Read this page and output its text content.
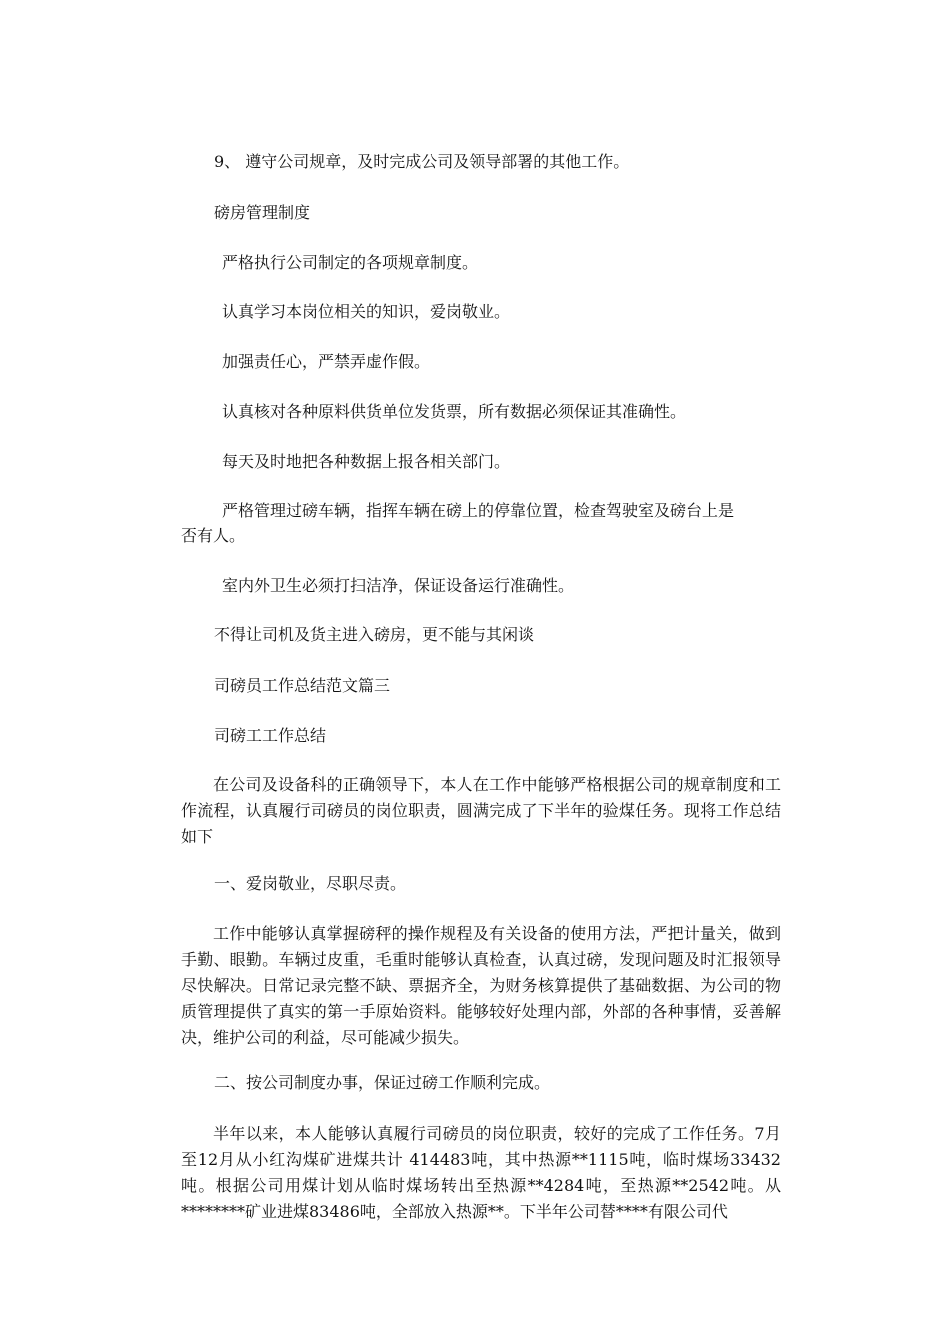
9、 遵守公司规章，及时完成公司及领导部署的其他工作。
磅房管理制度
严格执行公司制定的各项规章制度。
认真学习本岗位相关的知识，爱岗敬业。
加强责任心，严禁弄虚作假。
认真核对各种原料供货单位发货票，所有数据必须保证其准确性。
每天及时地把各种数据上报各相关部门。
严格管理过磅车辆，指挥车辆在磅上的停靠位置，检查驾驶室及磅台上是
否有人。
室内外卫生必须打扫洁净，保证设备运行准确性。
不得让司机及货主进入磅房，更不能与其闲谈
司磅员工作总结范文篇三
司磅工工作总结

在公司及设备科的正确领导下，本人在工作中能够严格根据公司的规章制度和工作流程，认真履行司磅员的岗位职责，圆满完成了下半年的验煤任务。现将工作总结如下

一、爱岗敬业，尽职尽责。

工作中能够认真掌握磅秤的操作规程及有关设备的使用方法，严把计量关，做到手勤、眼勤。车辆过皮重，毛重时能够认真检查，认真过磅，发现问题及时汇报领导尽快解决。日常记录完整不缺、票据齐全，为财务核算提供了基础数据、为公司的物质管理提供了真实的第一手原始资料。能够较好处理内部，外部的各种事情，妥善解决，维护公司的利益，尽可能减少损失。

二、按公司制度办事，保证过磅工作顺利完成。

半年以来，本人能够认真履行司磅员的岗位职责，较好的完成了工作任务。7月至12月从小红沟煤矿进煤共计 414483吨，其中热源**1115吨，临时煤场33432吨。根据公司用煤计划从临时煤场转出至热源**4284吨，至热源**2542吨。从********矿业进煤83486吨，全部放入热源**。下半年公司替****有限公司代
